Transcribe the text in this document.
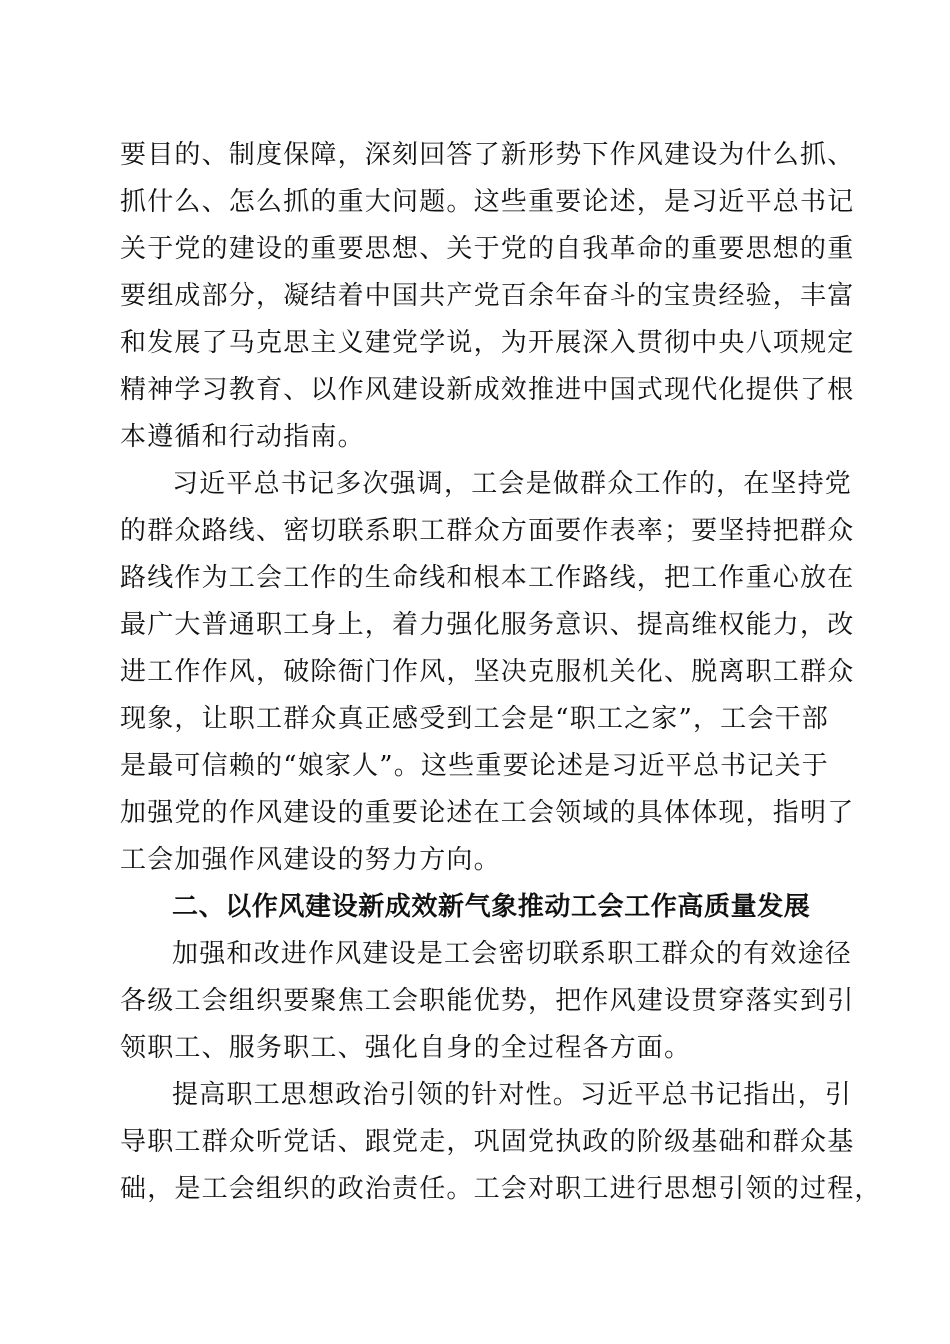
要目的、制度保障，深刻回答了新形势下作风建设为什么抓、
抓什么、怎么抓的重大问题。这些重要论述，是习近平总书记
关于党的建设的重要思想、关于党的自我革命的重要思想的重
要组成部分，凝结着中国共产党百余年奋斗的宝贵经验，丰富
和发展了马克思主义建党学说，为开展深入贯彻中央八项规定
精神学习教育、以作风建设新成效推进中国式现代化提供了根
本遵循和行动指南。
习近平总书记多次强调，工会是做群众工作的，在坚持党
的群众路线、密切联系职工群众方面要作表率；要坚持把群众
路线作为工会工作的生命线和根本工作路线，把工作重心放在
最广大普通职工身上，着力强化服务意识、提高维权能力，改
进工作作风，破除衙门作风，坚决克服机关化、脱离职工群众
现象，让职工群众真正感受到工会是“职工之家”，工会干部
是最可信赖的“娘家人”。这些重要论述是习近平总书记关于
加强党的作风建设的重要论述在工会领域的具体体现，指明了
工会加强作风建设的努力方向。
二、以作风建设新成效新气象推动工会工作高质量发展
加强和改进作风建设是工会密切联系职工群众的有效途径
各级工会组织要聚焦工会职能优势，把作风建设贯穿落实到引
领职工、服务职工、强化自身的全过程各方面。
提高职工思想政治引领的针对性。习近平总书记指出，引
导职工群众听党话、跟党走，巩固党执政的阶级基础和群众基
础，是工会组织的政治责任。工会对职工进行思想引领的过程，
